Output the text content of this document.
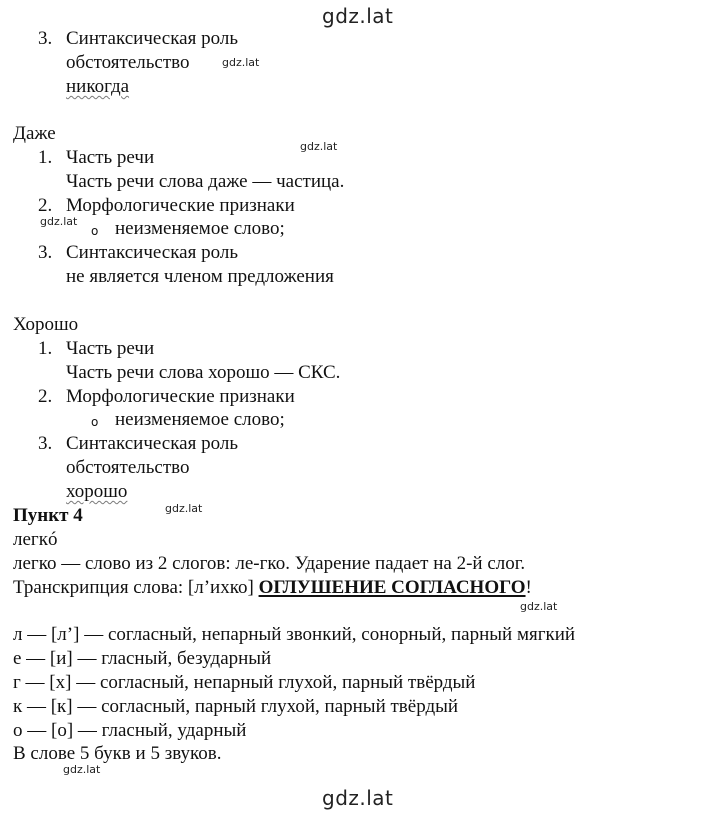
gdz.lat
gdz.lat
gdz.lat
gdz.lat
gdz.lat
gdz.lat
gdz.lat
gdz.lat
3. Синтаксическая роль
обстоятельство
никогда
Даже
1. Часть речи
Часть речи слова даже — частица.
2. Морфологические признаки
o неизменяемое слово;
3. Синтаксическая роль
не является членом предложения
Хорошо
1. Часть речи
Часть речи слова хорошо — СКС.
2. Морфологические признаки
o неизменяемое слово;
3. Синтаксическая роль
обстоятельство
хорошо
Пункт 4
легкó
легко — слово из 2 слогов: ле-гко. Ударение падает на 2-й слог.
Транскрипция слова: [л’ихко] ОГЛУШЕНИЕ СОГЛАСНОГО!
л — [л’] — согласный, непарный звонкий, сонорный, парный мягкий
е — [и] — гласный, безударный
г — [х] — согласный, непарный глухой, парный твёрдый
к — [к] — согласный, парный глухой, парный твёрдый
о — [о] — гласный, ударный
В слове 5 букв и 5 звуков.
